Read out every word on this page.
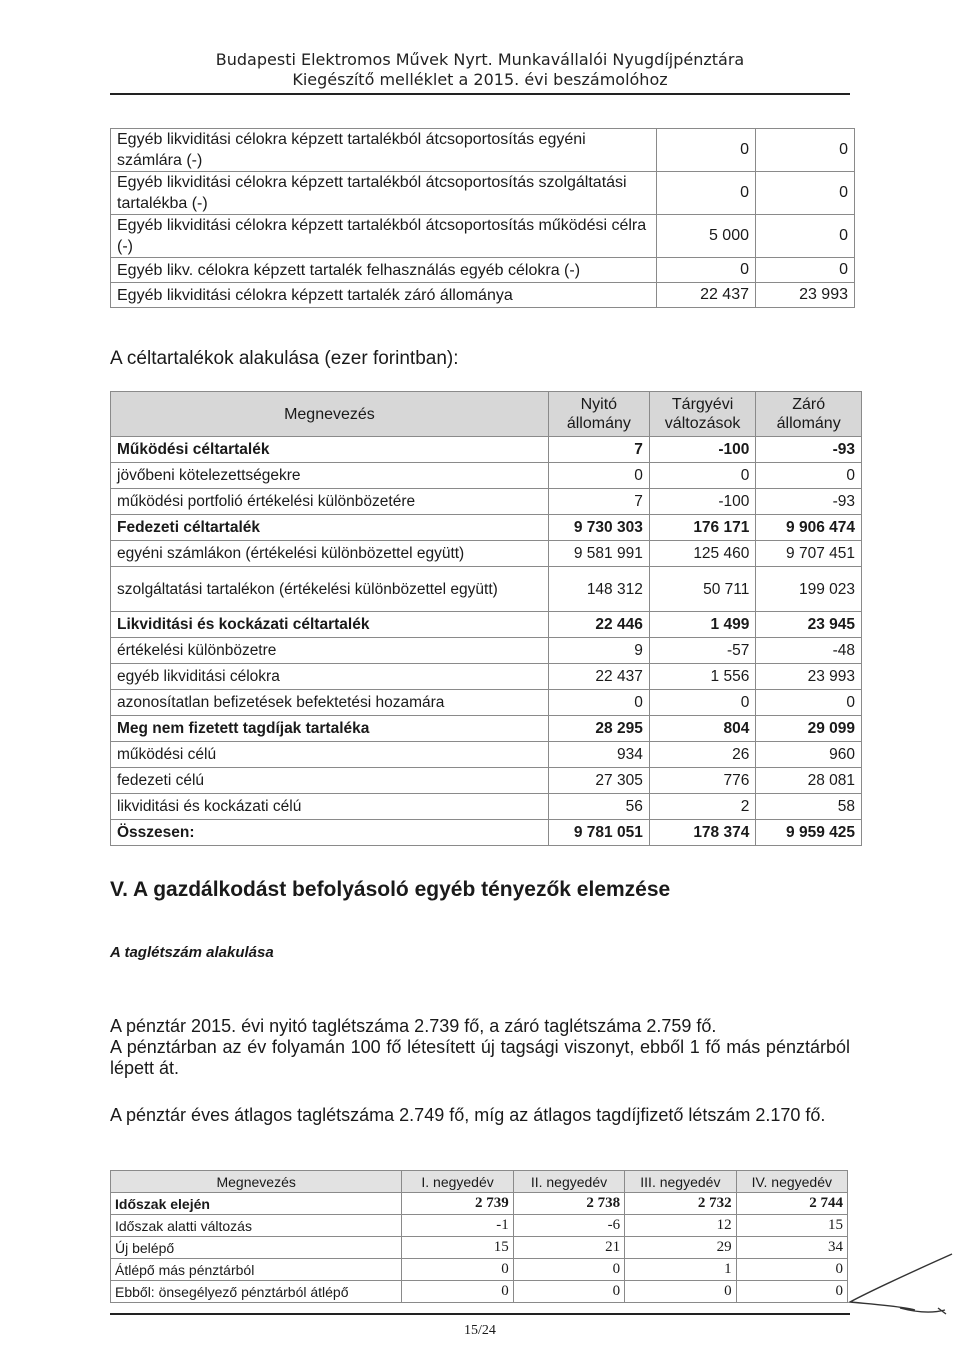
Budapesti Elektromos Művek Nyrt. Munkavállalói Nyugdíjpénztára
Kiegészítő melléklet a 2015. évi beszámolóhoz
Egyéb likviditási célokra képzett tartalékból átcsoportosítás egyéni számlára (-)	0	0
Egyéb likviditási célokra képzett tartalékból átcsoportosítás szolgáltatási tartalékba (-)	0	0
Egyéb likviditási célokra képzett tartalékból átcsoportosítás működési célra (-)	5 000	0
Egyéb likv. célokra képzett tartalék felhasználás egyéb célokra (-)	0	0
Egyéb likviditási célokra képzett tartalék záró állománya	22 437	23 993
A céltartalékok alakulása (ezer forintban):
Megnevezés	Nyitó állomány	Tárgyévi változások	Záró állomány
Működési céltartalék	7	-100	-93
jövőbeni kötelezettségekre	0	0	0
működési portfolió értékelési különbözetére	7	-100	-93
Fedezeti céltartalék	9 730 303	176 171	9 906 474
egyéni számlákon (értékelési különbözettel együtt)	9 581 991	125 460	9 707 451
szolgáltatási tartalékon (értékelési különbözettel együtt)	148 312	50 711	199 023
Likviditási és kockázati céltartalék	22 446	1 499	23 945
értékelési különbözetre	9	-57	-48
egyéb likviditási célokra	22 437	1 556	23 993
azonosítatlan befizetések befektetési hozamára	0	0	0
Meg nem fizetett tagdíjak tartaléka	28 295	804	29 099
működési célú	934	26	960
fedezeti célú	27 305	776	28 081
likviditási és kockázati célú	56	2	58
Összesen:	9 781 051	178 374	9 959 425
V. A gazdálkodást befolyásoló egyéb tényezők elemzése
A taglétszám alakulása
A pénztár 2015. évi nyitó taglétszáma 2.739 fő, a záró taglétszáma 2.759 fő.
A pénztárban az év folyamán 100 fő létesített új tagsági viszonyt, ebből 1 fő más pénztárból lépett át.
A pénztár éves átlagos taglétszáma 2.749 fő, míg az átlagos tagdíjfizető létszám 2.170 fő.
Megnevezés	I. negyedév	II. negyedév	III. negyedév	IV. negyedév
Időszak elején	2 739	2 738	2 732	2 744
Időszak alatti változás	-1	-6	12	15
Új belépő	15	21	29	34
Átlépő más pénztárból	0	0	1	0
Ebből: önsegélyező pénztárból átlépő	0	0	0	0
15/24
